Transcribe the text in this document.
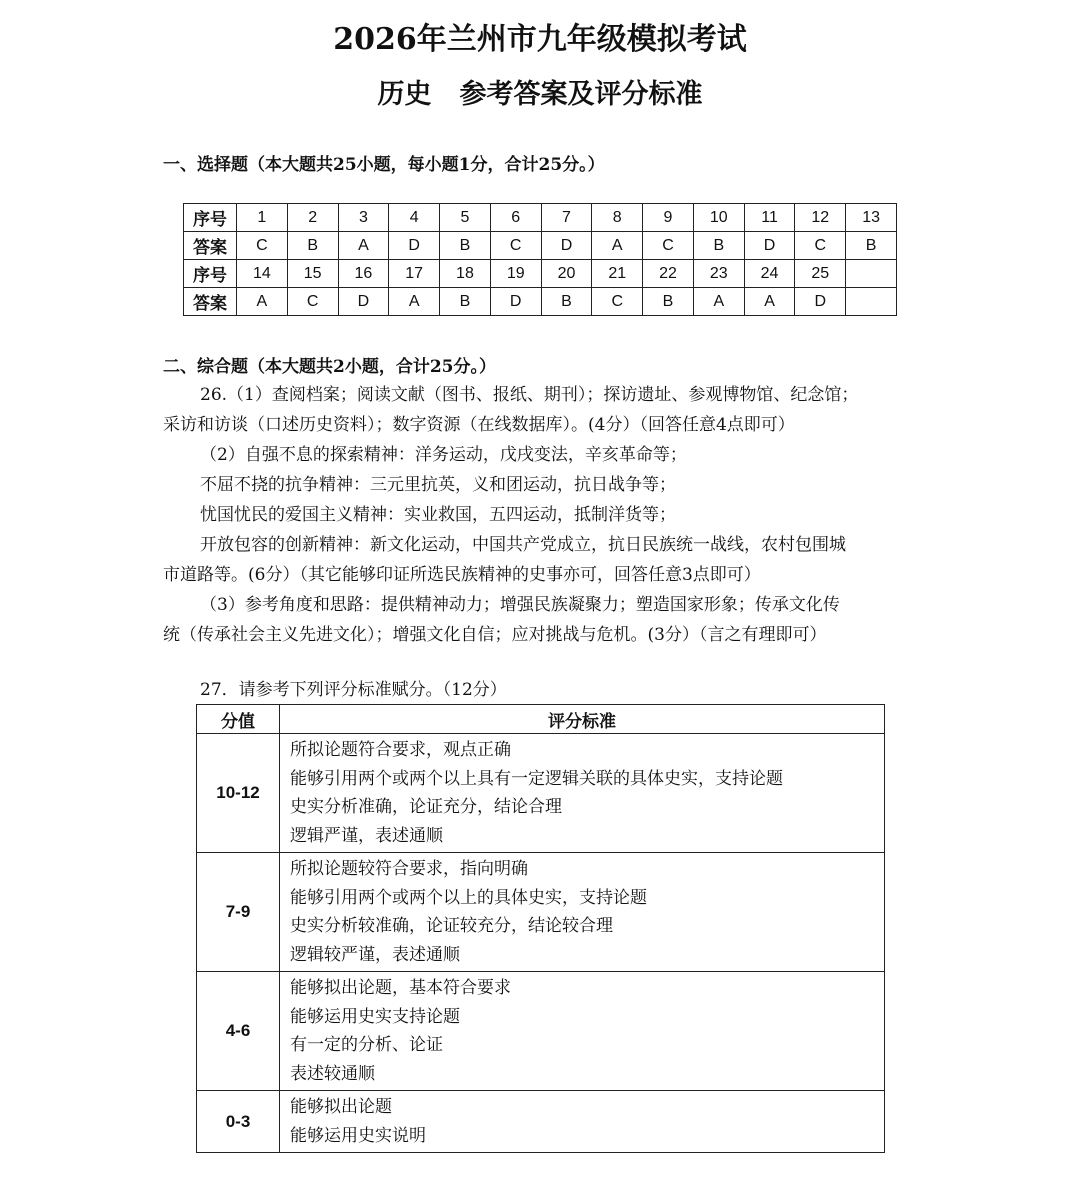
2026年兰州市九年级模拟考试
历史 参考答案及评分标准
一、选择题（本大题共25小题，每小题1分，合计25分。）
序号	1	2	3	4	5	6	7	8	9	10	11	12	13
答案	C	B	A	D	B	C	D	A	C	B	D	C	B
序号	14	15	16	17	18	19	20	21	22	23	24	25	
答案	A	C	D	A	B	D	B	C	B	A	A	D	
二、综合题（本大题共2小题，合计25分。）
26.（1）查阅档案；阅读文献（图书、报纸、期刊）；探访遗址、参观博物馆、纪念馆；
采访和访谈（口述历史资料）；数字资源（在线数据库）。(4分）（回答任意4点即可）
（2）自强不息的探索精神：洋务运动，戊戌变法，辛亥革命等；
不屈不挠的抗争精神：三元里抗英，义和团运动，抗日战争等；
忧国忧民的爱国主义精神：实业救国，五四运动，抵制洋货等；
开放包容的创新精神：新文化运动，中国共产党成立，抗日民族统一战线，农村包围城
市道路等。(6分）（其它能够印证所选民族精神的史事亦可，回答任意3点即可）
（3）参考角度和思路：提供精神动力；增强民族凝聚力；塑造国家形象；传承文化传
统（传承社会主义先进文化）；增强文化自信；应对挑战与危机。(3分）（言之有理即可）
27．请参考下列评分标准赋分。（12分）
分值	评分标准
10-12	所拟论题符合要求，观点正确
能够引用两个或两个以上具有一定逻辑关联的具体史实，支持论题
史实分析准确，论证充分，结论合理
逻辑严谨，表述通顺

7-9	所拟论题较符合要求，指向明确
能够引用两个或两个以上的具体史实，支持论题
史实分析较准确，论证较充分，结论较合理
逻辑较严谨，表述通顺

4-6	能够拟出论题，基本符合要求
能够运用史实支持论题
有一定的分析、论证
表述较通顺

0-3	能够拟出论题
能够运用史实说明
